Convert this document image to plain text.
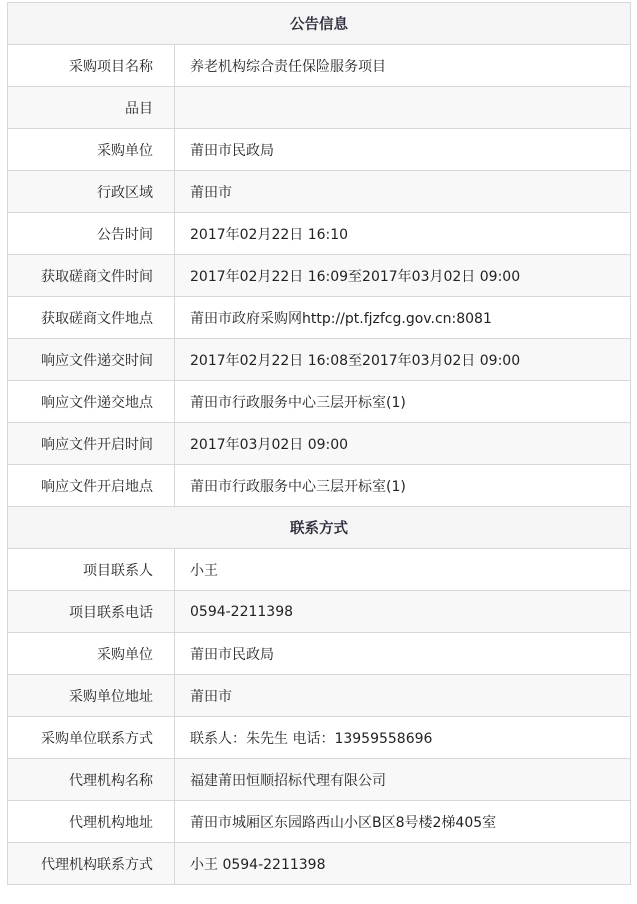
公告信息	
采购项目名称	养老机构综合责任保险服务项目
品目	
采购单位	莆田市民政局
行政区域	莆田市
公告时间	2017年02月22日 16:10
获取磋商文件时间	2017年02月22日 16:09至2017年03月02日 09:00
获取磋商文件地点	莆田市政府采购网http://pt.fjzfcg.gov.cn:8081
响应文件递交时间	2017年02月22日 16:08至2017年03月02日 09:00
响应文件递交地点	莆田市行政服务中心三层开标室(1)
响应文件开启时间	2017年03月02日 09:00
响应文件开启地点	莆田市行政服务中心三层开标室(1)
联系方式	
项目联系人	小王
项目联系电话	0594-2211398
采购单位	莆田市民政局
采购单位地址	莆田市
采购单位联系方式	联系人：朱先生 电话：13959558696
代理机构名称	福建莆田恒顺招标代理有限公司
代理机构地址	莆田市城厢区东园路西山小区B区8号楼2梯405室
代理机构联系方式	小王 0594-2211398
